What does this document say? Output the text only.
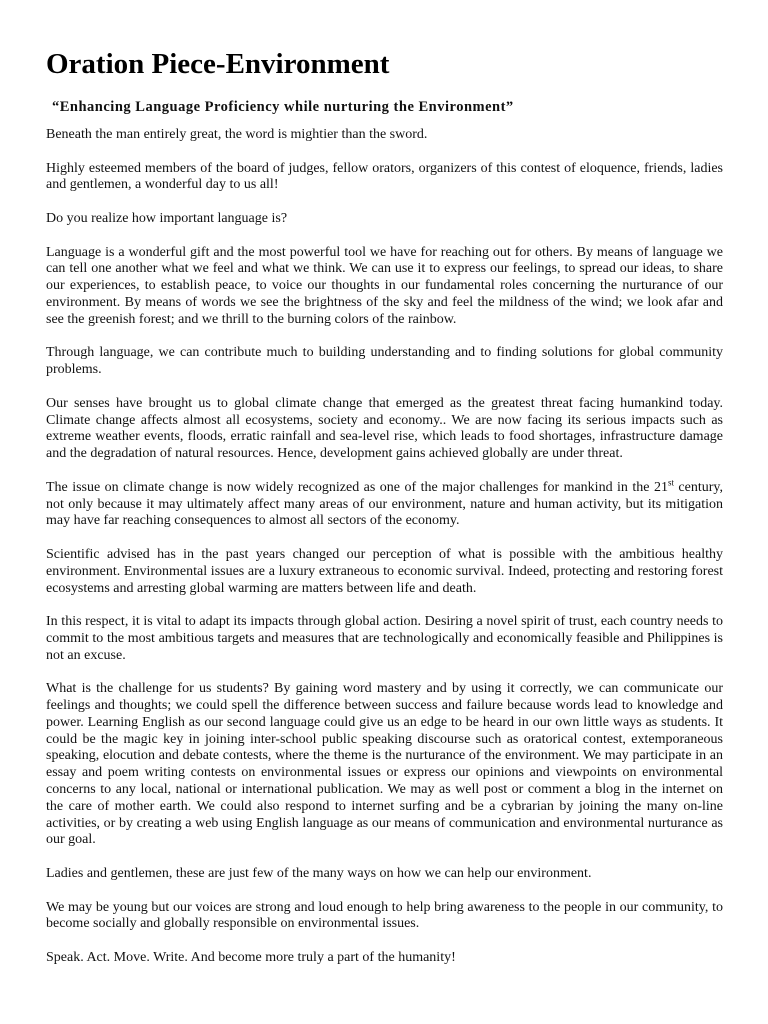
Oration Piece-Environment
“Enhancing Language Proficiency while nurturing the Environment”

Beneath the man entirely great, the word is mightier than the sword.

Highly esteemed members of the board of judges, fellow orators, organizers of this contest of eloquence, friends, ladies and gentlemen, a wonderful day to us all!

Do you realize how important language is?

Language is a wonderful gift and the most powerful tool we have for reaching out for others. By means of language we can tell one another what we feel and what we think. We can use it to express our feelings, to spread our ideas, to share our experiences, to establish peace, to voice our thoughts in our fundamental roles concerning the nurturance of our environment. By means of words we see the brightness of the sky and feel the mildness of the wind; we look afar and see the greenish forest; and we thrill to the burning colors of the rainbow.

Through language, we can contribute much to building understanding and to finding solutions for global community problems.

Our senses have brought us to global climate change that emerged as the greatest threat facing humankind today. Climate change affects almost all ecosystems, society and economy.. We are now facing its serious impacts such as extreme weather events, floods, erratic rainfall and sea-level rise, which leads to food shortages, infrastructure damage and the degradation of natural resources. Hence, development gains achieved globally are under threat.

The issue on climate change is now widely recognized as one of the major challenges for mankind in the 21st century, not only because it may ultimately affect many areas of our environment, nature and human activity, but its mitigation may have far reaching consequences to almost all sectors of the economy.

Scientific advised has in the past years changed our perception of what is possible with the ambitious healthy environment. Environmental issues are a luxury extraneous to economic survival. Indeed, protecting and restoring forest ecosystems and arresting global warming are matters between life and death.

In this respect, it is vital to adapt its impacts through global action. Desiring a novel spirit of trust, each country needs to commit to the most ambitious targets and measures that are technologically and economically feasible and Philippines is not an excuse.

What is the challenge for us students? By gaining word mastery and by using it correctly, we can communicate our feelings and thoughts; we could spell the difference between success and failure because words lead to knowledge and power. Learning English as our second language could give us an edge to be heard in our own little ways as students. It could be the magic key in joining inter-school public speaking discourse such as oratorical contest, extemporaneous speaking, elocution and debate contests, where the theme is the nurturance of the environment. We may participate in an essay and poem writing contests on environmental issues or express our opinions and viewpoints on environmental concerns to any local, national or international publication. We may as well post or comment a blog in the internet on the care of mother earth. We could also respond to internet surfing and be a cybrarian by joining the many on-line activities, or by creating a web using English language as our means of communication and environmental nurturance as our goal.

Ladies and gentlemen, these are just few of the many ways on how we can help our environment.

We may be young but our voices are strong and loud enough to help bring awareness to the people in our community, to become socially and globally responsible on environmental issues.

Speak. Act. Move. Write. And become more truly a part of the humanity!
